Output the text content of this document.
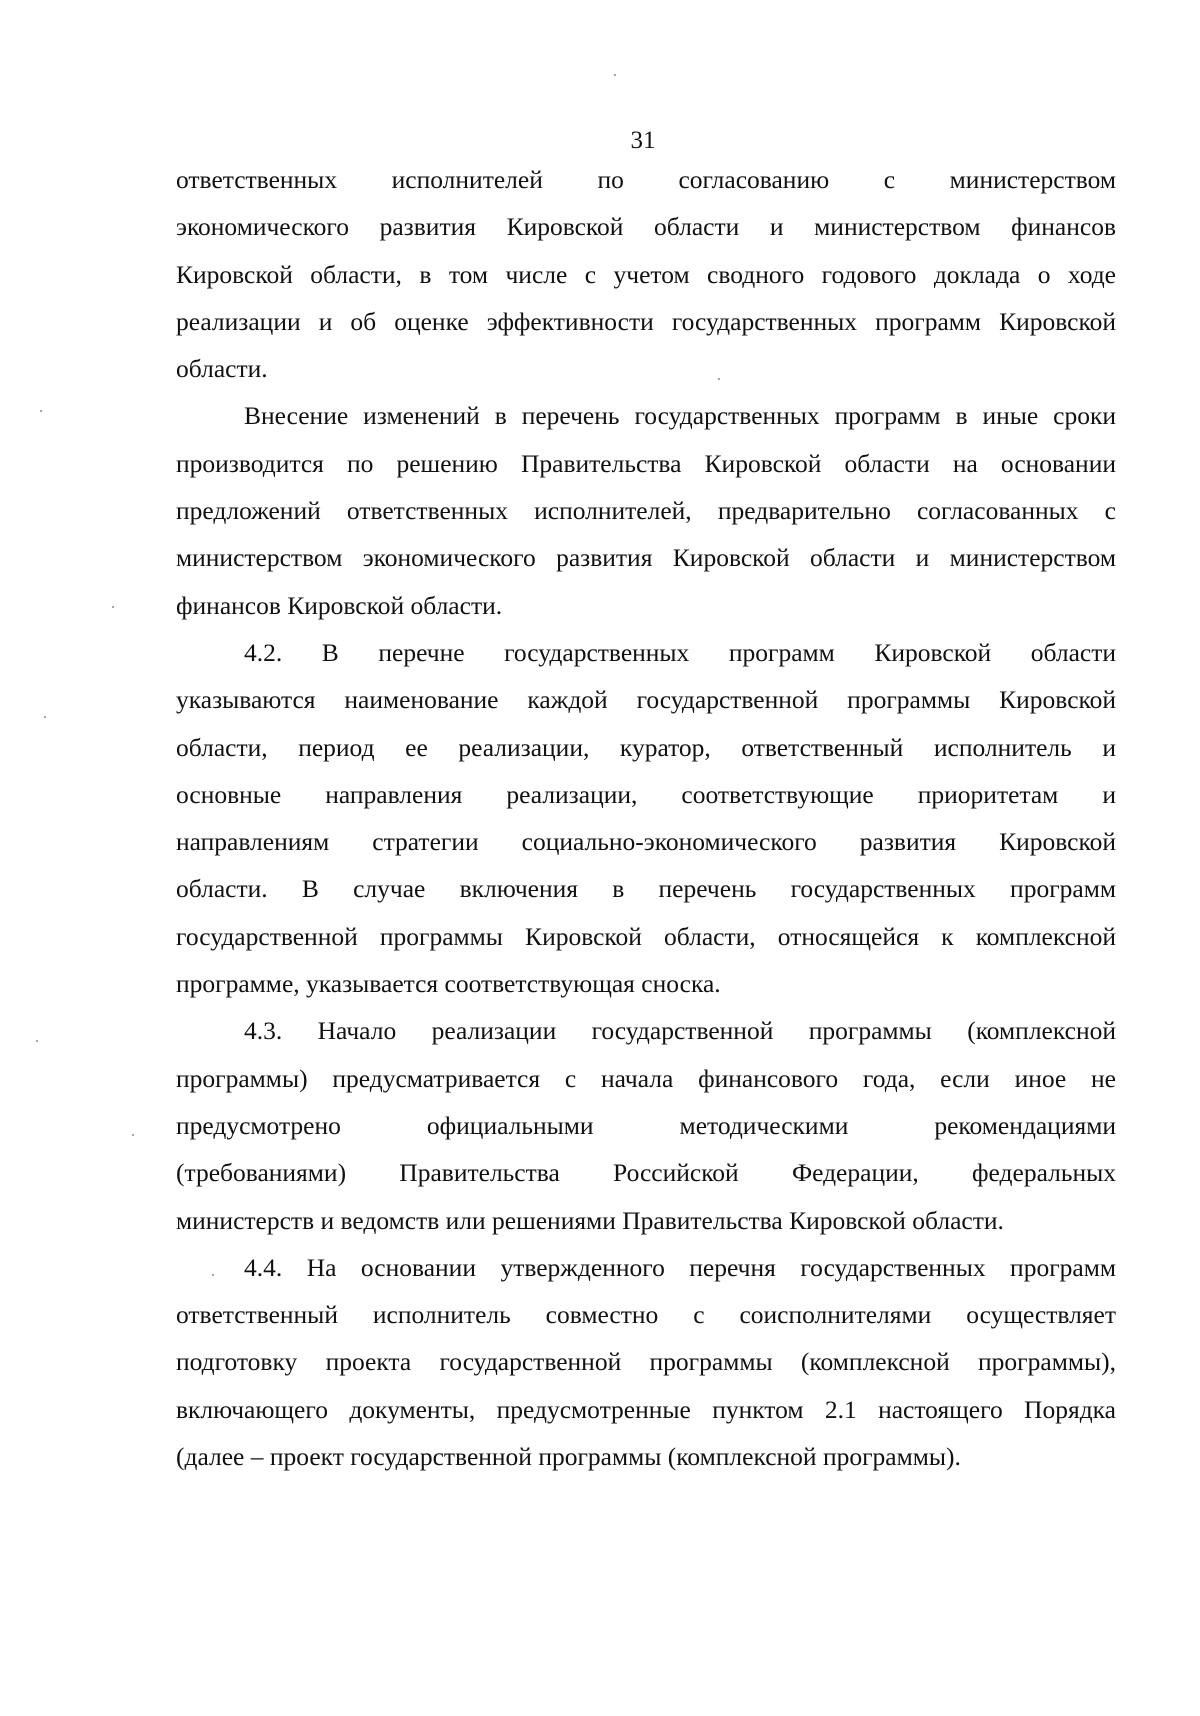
31
ответственных исполнителей по согласованию с министерством
экономического развития Кировской области и министерством финансов
Кировской области, в том числе с учетом сводного годового доклада о ходе
реализации и об оценке эффективности государственных программ Кировской
области.
Внесение изменений в перечень государственных программ в иные сроки
производится по решению Правительства Кировской области на основании
предложений ответственных исполнителей, предварительно согласованных с
министерством экономического развития Кировской области и министерством
финансов Кировской области.
4.2. В перечне государственных программ Кировской области
указываются наименование каждой государственной программы Кировской
области, период ее реализации, куратор, ответственный исполнитель и
основные направления реализации, соответствующие приоритетам и
направлениям стратегии социально-экономического развития Кировской
области. В случае включения в перечень государственных программ
государственной программы Кировской области, относящейся к комплексной
программе, указывается соответствующая сноска.
4.3. Начало реализации государственной программы (комплексной
программы) предусматривается с начала финансового года, если иное не
предусмотрено официальными методическими рекомендациями
(требованиями) Правительства Российской Федерации, федеральных
министерств и ведомств или решениями Правительства Кировской области.
4.4. На основании утвержденного перечня государственных программ
ответственный исполнитель совместно с соисполнителями осуществляет
подготовку проекта государственной программы (комплексной программы),
включающего документы, предусмотренные пунктом 2.1 настоящего Порядка
(далее – проект государственной программы (комплексной программы).
